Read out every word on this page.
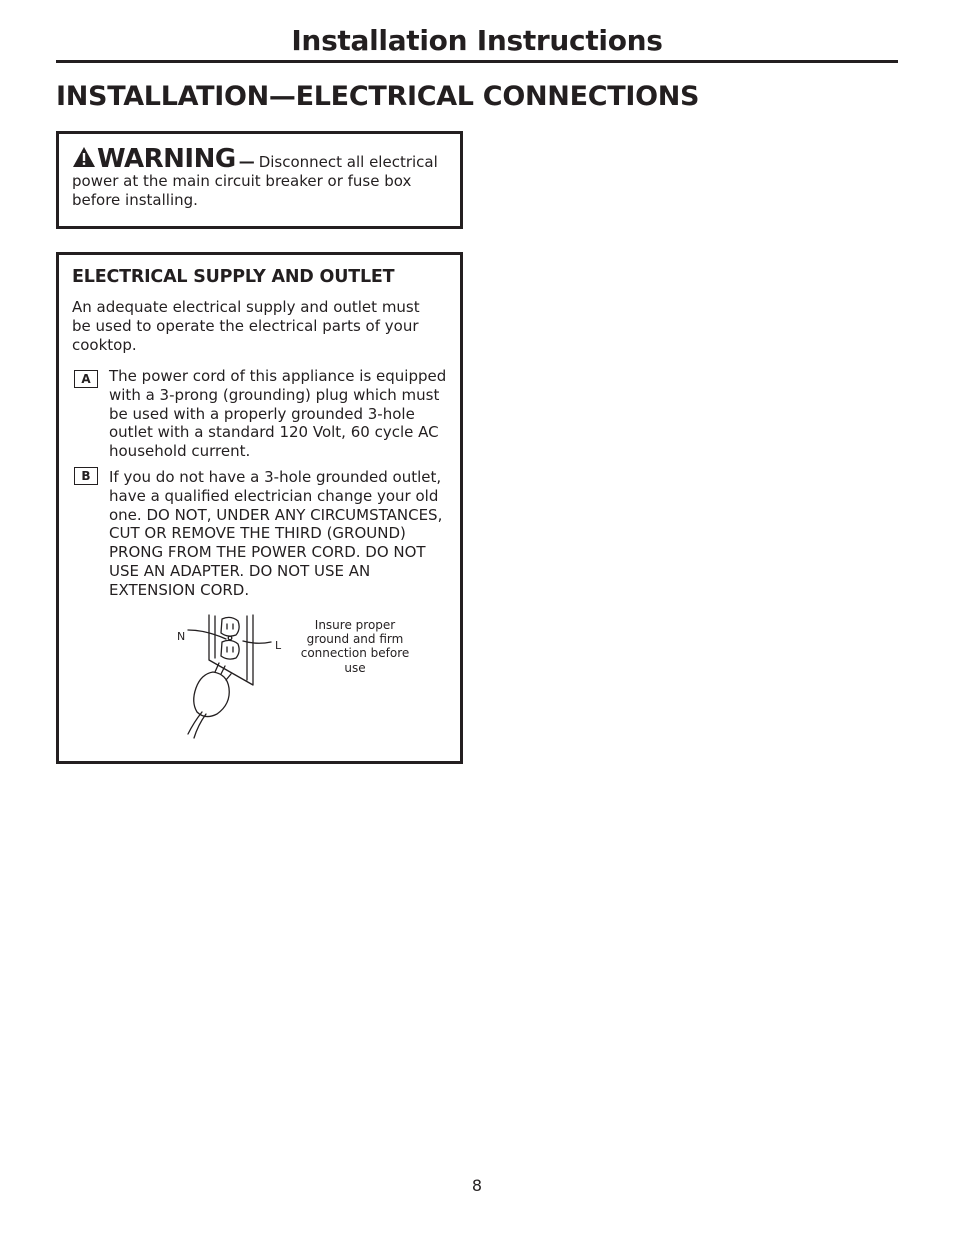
Installation Instructions
INSTALLATION—ELECTRICAL CONNECTIONS
WARNING — Disconnect all electrical power at the main circuit breaker or fuse box before installing.
ELECTRICAL SUPPLY AND OUTLET
An adequate electrical supply and outlet must be used to operate the electrical parts of your cooktop.
A	The power cord of this appliance is equipped with a 3-prong (grounding) plug which must be used with a properly grounded 3-hole outlet with a standard 120 Volt, 60 cycle AC household current.
B	If you do not have a 3-hole grounded outlet, have a qualified electrician change your old one. DO NOT, UNDER ANY CIRCUMSTANCES, CUT OR REMOVE THE THIRD (GROUND) PRONG FROM THE POWER CORD. DO NOT USE AN ADAPTER. DO NOT USE AN EXTENSION CORD.
N
L
Insure proper ground and firm connection before use
8
